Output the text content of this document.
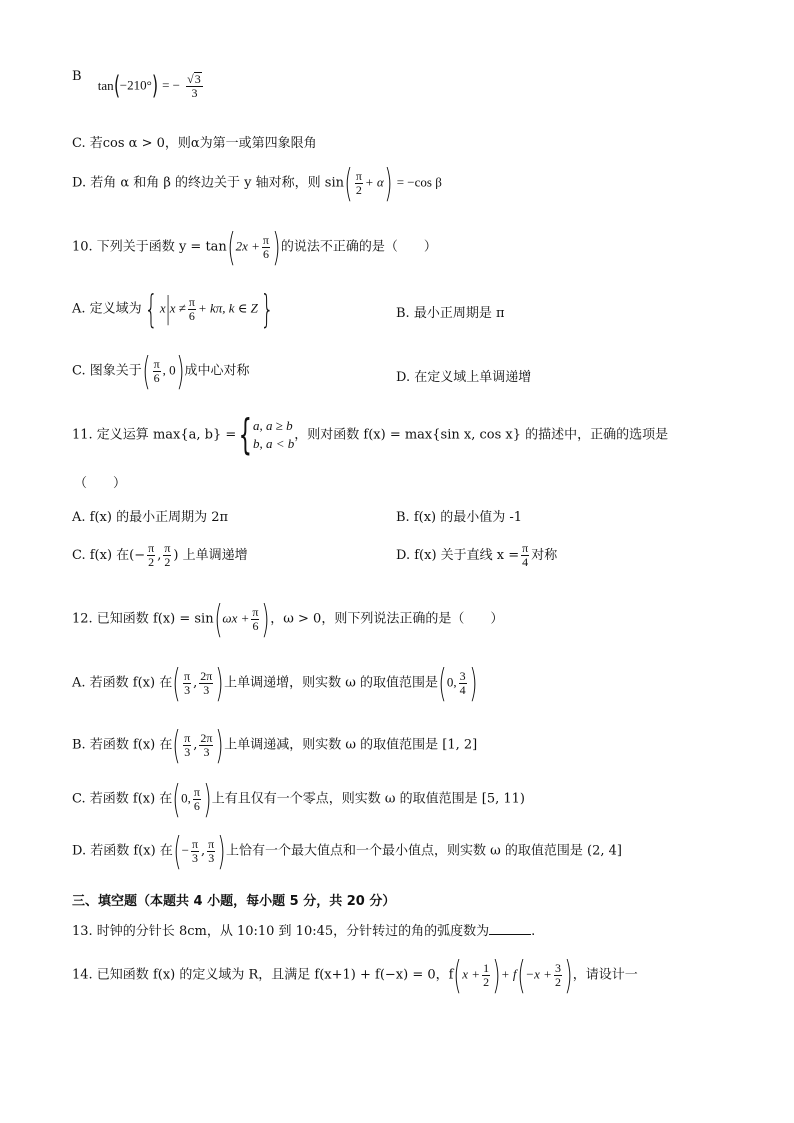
B tan(−210°) = − $\frac{√3}{3}$
C. 若cos α > 0，则α为第一或第四象限角
D. 若角 α 和角 β 的终边关于 y 轴对称，则 $\sin( \frac{\pi}{2} + \alpha) = -\cos$ β
10. 下列关于函数 $y = \tan(2x + \frac{\pi}{6}$ )的说法不正确的是（　　）
A. 定义域为{ $x|x \ne \frac{\pi}{6} + k\pi$, k ∈ Z}	B. 最小正周期是 π
C. 图象关于( $\frac{\pi}{6}$ , 0)成中心对称	D. 在定义域上单调递增
11. 定义运算 max{a, b} ={ a, a ≥ b
b, a < b
，则对函数 f(x) = max{sin x, cos x} 的描述中，正确的选项是
（　　）
A. f(x) 的最小正周期为 2π	B. f(x) 的最小值为 -1
C. f(x) 在(− $\frac{\pi}{2}$ , $\frac{\pi}{2}$ ) 上单调递增	D. f(x) 关于直线 $x = \frac{\pi}{4}$ 对称
12. 已知函数 $f(x) = \sin(\omega x + \frac{\pi}{6}$ )，ω > 0，则下列说法正确的是（　　）
A. 若函数 f(x) 在( $\frac{\pi}{3}$ , $\frac{2\pi}{3}$ )上单调递增，则实数 ω 的取值范围是(0, $\frac{3}{4}$ )
B. 若函数 f(x) 在( $\frac{\pi}{3}$ , $\frac{2\pi}{3}$ )上单调递减，则实数 ω 的取值范围是 [1, 2]
C. 若函数 f(x) 在(0, $\frac{\pi}{6}$ )上有且仅有一个零点，则实数 ω 的取值范围是 [5, 11)
D. 若函数 f(x) 在(− $\frac{\pi}{3}$ , $\frac{\pi}{3}$ )上恰有一个最大值点和一个最小值点，则实数 ω 的取值范围是 (2, 4]
三、填空题（本题共 4 小题，每小题 5 分，共 20 分）
13. 时钟的分针长 8cm，从 10:10 到 10:45，分针转过的角的弧度数为	.
14. 已知函数 f(x) 的定义域为 R，且满足 f(x+1) + f(−x) = 0，$f(x + \frac{1}{2}$ )+ $f(-x + \frac{3}{2}$ )，请设计一
